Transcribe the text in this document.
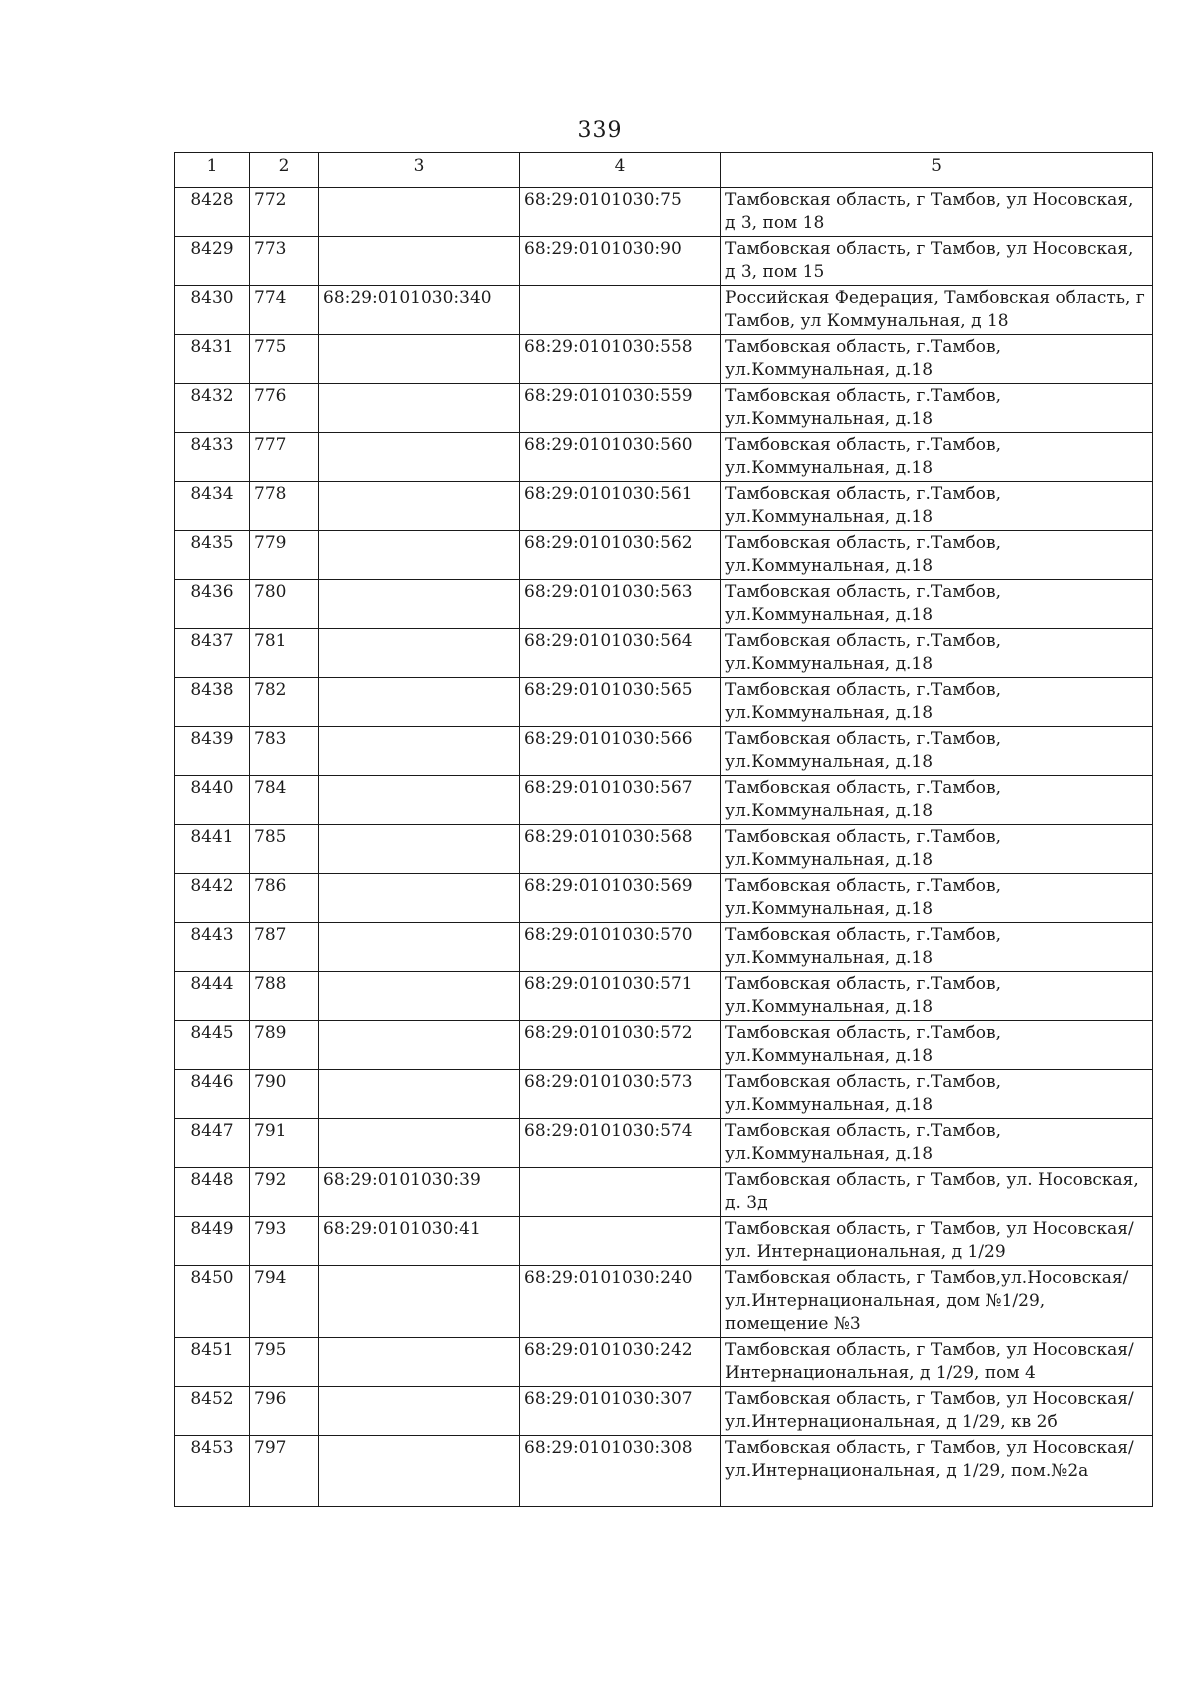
339
1	2	3	4	5
8428	772		68:29:0101030:75	Тамбовская область, г Тамбов, ул Носовская, д 3, пом 18
8429	773		68:29:0101030:90	Тамбовская область, г Тамбов, ул Носовская, д 3, пом 15
8430	774	68:29:0101030:340		Российская Федерация, Тамбовская область, г Тамбов, ул Коммунальная, д 18
8431	775		68:29:0101030:558	Тамбовская область, г.Тамбов, ул.Коммунальная, д.18
8432	776		68:29:0101030:559	Тамбовская область, г.Тамбов, ул.Коммунальная, д.18
8433	777		68:29:0101030:560	Тамбовская область, г.Тамбов, ул.Коммунальная, д.18
8434	778		68:29:0101030:561	Тамбовская область, г.Тамбов, ул.Коммунальная, д.18
8435	779		68:29:0101030:562	Тамбовская область, г.Тамбов, ул.Коммунальная, д.18
8436	780		68:29:0101030:563	Тамбовская область, г.Тамбов, ул.Коммунальная, д.18
8437	781		68:29:0101030:564	Тамбовская область, г.Тамбов, ул.Коммунальная, д.18
8438	782		68:29:0101030:565	Тамбовская область, г.Тамбов, ул.Коммунальная, д.18
8439	783		68:29:0101030:566	Тамбовская область, г.Тамбов, ул.Коммунальная, д.18
8440	784		68:29:0101030:567	Тамбовская область, г.Тамбов, ул.Коммунальная, д.18
8441	785		68:29:0101030:568	Тамбовская область, г.Тамбов, ул.Коммунальная, д.18
8442	786		68:29:0101030:569	Тамбовская область, г.Тамбов, ул.Коммунальная, д.18
8443	787		68:29:0101030:570	Тамбовская область, г.Тамбов, ул.Коммунальная, д.18
8444	788		68:29:0101030:571	Тамбовская область, г.Тамбов, ул.Коммунальная, д.18
8445	789		68:29:0101030:572	Тамбовская область, г.Тамбов, ул.Коммунальная, д.18
8446	790		68:29:0101030:573	Тамбовская область, г.Тамбов, ул.Коммунальная, д.18
8447	791		68:29:0101030:574	Тамбовская область, г.Тамбов, ул.Коммунальная, д.18
8448	792	68:29:0101030:39		Тамбовская область, г Тамбов, ул. Носовская, д. 3д
8449	793	68:29:0101030:41		Тамбовская область, г Тамбов, ул Носовская/ ул. Интернациональная, д 1/29
8450	794		68:29:0101030:240	Тамбовская область, г Тамбов,ул.Носовская/ул.Интернациональная, дом №1/29, помещение №3
8451	795		68:29:0101030:242	Тамбовская область, г Тамбов, ул Носовская/Интернациональная, д 1/29, пом 4
8452	796		68:29:0101030:307	Тамбовская область, г Тамбов, ул Носовская/ул.Интернациональная, д 1/29, кв 2б
8453	797		68:29:0101030:308	Тамбовская область, г Тамбов, ул Носовская/ул.Интернациональная, д 1/29, пом.№2а
